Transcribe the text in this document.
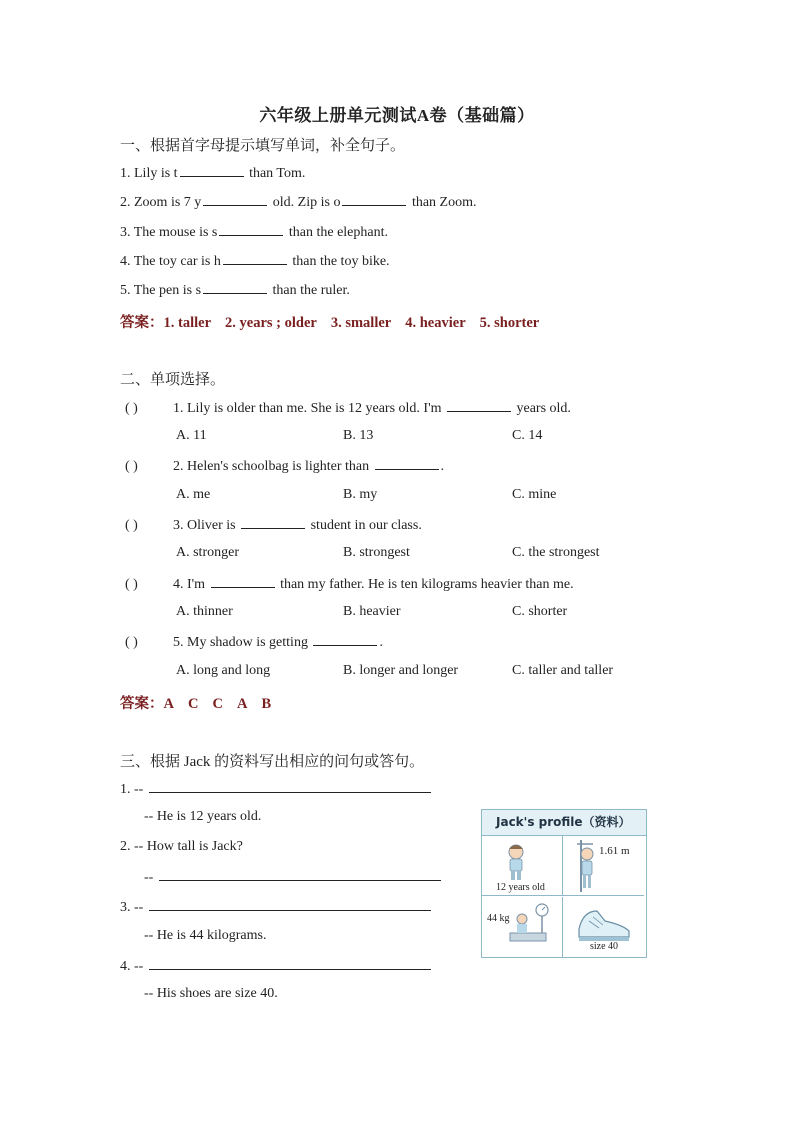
六年级上册单元测试A卷（基础篇）
一、根据首字母提示填写单词，补全句子。
1. Lily is t	than Tom.
2. Zoom is 7 y	old. Zip is o	than Zoom.
3. The mouse is s	than the elephant.
4. The toy car is h	than the toy bike.
5. The pen is s	than the ruler.
答案：1. taller 2. years ; older 3. smaller 4. heavier 5. shorter
二、单项选择。
( )	1. Lily is older than me. She is 12 years old. I'm	years old.
A. 11	B. 13	C. 14
( )	2. Helen's schoolbag is lighter than	.
A. me	B. my	C. mine
( )	3. Oliver is	student in our class.
A. stronger	B. strongest	C. the strongest
( )	4. I'm	than my father. He is ten kilograms heavier than me.
A. thinner	B. heavier	C. shorter
( )	5. My shadow is getting	.
A. long and long	B. longer and longer	C. taller and taller
答案：A C C A B
三、根据 Jack 的资料写出相应的问句或答句。
1. --
-- He is 12 years old.
2. -- How tall is Jack?
--
3. --
-- He is 44 kilograms.
4. --
-- His shoes are size 40.
Jack's profile（资料）
12 years old
1.61 m
44 kg
size 40
